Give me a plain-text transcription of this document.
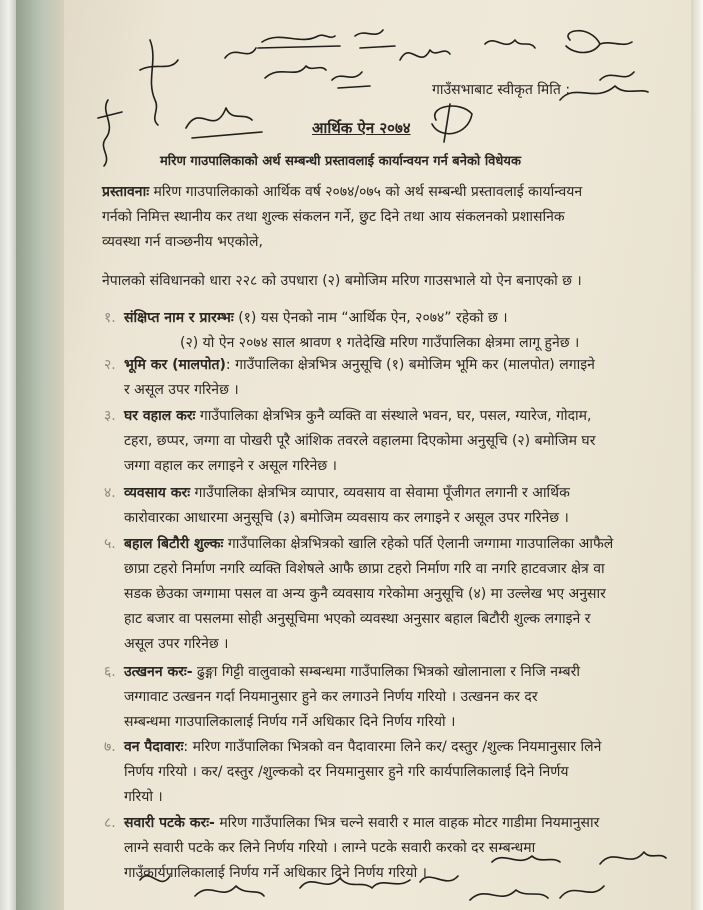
गाउँसभाबाट स्वीकृत मिति :
आर्थिक ऐन २०७४
मरिण गाउपालिकाको अर्थ सम्बन्धी प्रस्तावलाई कार्यान्वयन गर्न बनेको विधेयक
प्रस्तावनाः मरिण गाउपालिकाको आर्थिक वर्ष २०७४/०७५ को अर्थ सम्बन्धी प्रस्तावलाई कार्यान्वयन
गर्नको निमित्त स्थानीय कर तथा शुल्क संकलन गर्ने, छुट दिने तथा आय संकलनको प्रशासनिक
व्यवस्था गर्न वाञ्छनीय भएकोले,
नेपालको संविधानको धारा २२८ को उपधारा (२) बमोजिम मरिण गाउसभाले यो ऐन बनाएको छ ।
१. संक्षिप्त नाम र प्रारम्भः (१) यस ऐनको नाम “आर्थिक ऐन, २०७४” रहेको छ ।
(२) यो ऐन २०७४ साल श्रावण १ गतेदेखि मरिण गाउँपालिका क्षेत्रमा लागू हुनेछ ।
२. भूमि कर (मालपोत): गाउँपालिका क्षेत्रभित्र अनुसूचि (१) बमोजिम भूमि कर (मालपोत) लगाइने
र असूल उपर गरिनेछ ।
३. घर वहाल करः गाउँपालिका क्षेत्रभित्र कुनै व्यक्ति वा संस्थाले भवन, घर, पसल, ग्यारेज, गोदाम,
टहरा, छप्पर, जग्गा वा पोखरी पूरै आंशिक तवरले वहालमा दिएकोमा अनुसूचि (२) बमोजिम घर
जग्गा वहाल कर लगाइने र असूल गरिनेछ ।
४. व्यवसाय करः गाउँपालिका क्षेत्रभित्र व्यापार, व्यवसाय वा सेवामा पूँजीगत लगानी र आर्थिक
कारोवारका आधारमा अनुसूचि (३) बमोजिम व्यवसाय कर लगाइने र असूल उपर गरिनेछ ।
५. बहाल बिटौरी शुल्कः गाउँपालिका क्षेत्रभित्रको खालि रहेको पर्ति ऐलानी जग्गामा गाउपालिका आफैले
छाप्रा टहरो निर्माण नगरि व्यक्ति विशेषले आफै छाप्रा टहरो निर्माण गरि वा नगरि हाटवजार क्षेत्र वा
सडक छेउका जग्गामा पसल वा अन्य कुनै व्यवसाय गरेकोमा अनुसूचि (४) मा उल्लेख भए अनुसार
हाट बजार वा पसलमा सोही अनुसूचिमा भएको व्यवस्था अनुसार बहाल बिटौरी शुल्क लगाइने र
असूल उपर गरिनेछ ।
६. उत्खनन करः- ढुङ्गा गिट्टी वालुवाको सम्बन्धमा गाउँपालिका भित्रको खोलानाला र निजि नम्बरी
जग्गावाट उत्खनन गर्दा नियमानुसार हुने कर लगाउने निर्णय गरियो । उत्खनन कर दर
सम्बन्धमा गाउपालिकालाई निर्णय गर्ने अधिकार दिने निर्णय गरियो ।
७. वन पैदावारः: मरिण गाउँपालिका भित्रको वन पैदावारमा लिने कर/ दस्तुर /शुल्क नियमानुसार लिने
निर्णय गरियो । कर/ दस्तुर /शुल्कको दर नियमानुसार हुने गरि कार्यपालिकालाई दिने निर्णय
गरियो ।
८. सवारी पटके करः- मरिण गाउँपालिका भित्र चल्ने सवारी र माल वाहक मोटर गाडीमा नियमानुसार
लाग्ने सवारी पटके कर लिने निर्णय गरियो । लाग्ने पटके सवारी करको दर सम्बन्धमा
गाउँकार्यपालिकालाई निर्णय गर्ने अधिकार दिने निर्णय गरियो ।
